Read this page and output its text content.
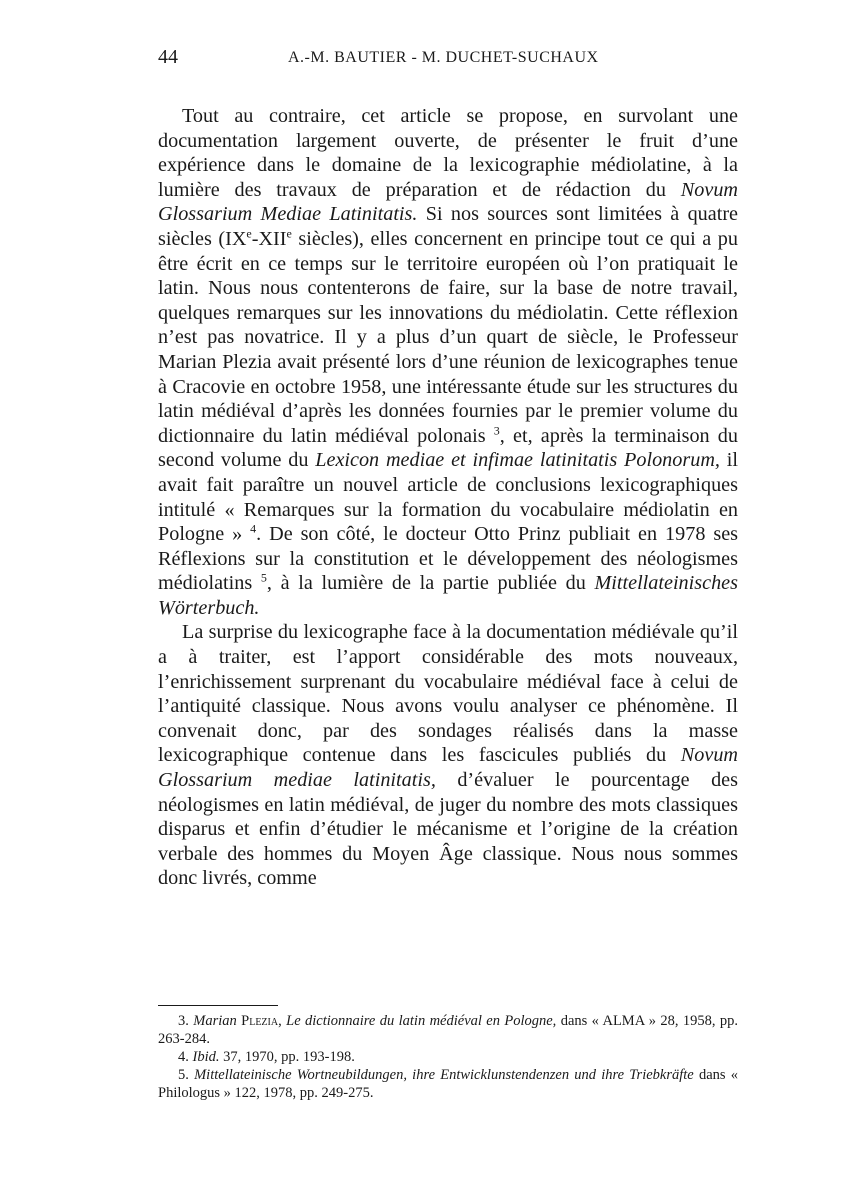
44	A.-M. BAUTIER - M. DUCHET-SUCHAUX

Tout au contraire, cet article se propose, en survolant une documentation largement ouverte, de présenter le fruit d’une expérience dans le domaine de la lexicographie médiolatine, à la lumière des travaux de préparation et de rédaction du Novum Glossarium Mediae Latinitatis. Si nos sources sont limitées à quatre siècles (IXe-XIIe siècles), elles concernent en principe tout ce qui a pu être écrit en ce temps sur le territoire européen où l’on pratiquait le latin. Nous nous contenterons de faire, sur la base de notre travail, quelques remarques sur les innovations du médiolatin. Cette réflexion n’est pas novatrice. Il y a plus d’un quart de siècle, le Professeur Marian Plezia avait présenté lors d’une réunion de lexicographes tenue à Cracovie en octobre 1958, une intéressante étude sur les structures du latin médiéval d’après les données fournies par le premier volume du dictionnaire du latin médiéval polonais $^3$, et, après la terminaison du second volume du Lexicon mediae et infimae latinitatis Polonorum, il avait fait paraître un nouvel article de conclusions lexicographiques intitulé « Remarques sur la formation du vocabulaire médiolatin en Pologne » $^4$. De son côté, le docteur Otto Prinz publiait en 1978 ses Réflexions sur la constitution et le développement des néologismes médiolatins $^5$, à la lumière de la partie publiée du Mittellateinisches Wörterbuch.

La surprise du lexicographe face à la documentation médiévale qu’il a à traiter, est l’apport considérable des mots nouveaux, l’enrichissement surprenant du vocabulaire médiéval face à celui de l’antiquité classique. Nous avons voulu analyser ce phénomène. Il convenait donc, par des sondages réalisés dans la masse lexicographique contenue dans les fascicules publiés du Novum Glossarium mediae latinitatis, d’évaluer le pourcentage des néologismes en latin médiéval, de juger du nombre des mots classiques disparus et enfin d’étudier le mécanisme et l’origine de la création verbale des hommes du Moyen Âge classique. Nous nous sommes donc livrés, comme

3. Marian Plezia, Le dictionnaire du latin médiéval en Pologne, dans « ALMA » 28, 1958, pp. 263-284.

4. Ibid. 37, 1970, pp. 193-198.

5. Mittellateinische Wortneubildungen, ihre Entwicklunstendenzen und ihre Triebkräfte dans « Philologus » 122, 1978, pp. 249-275.
